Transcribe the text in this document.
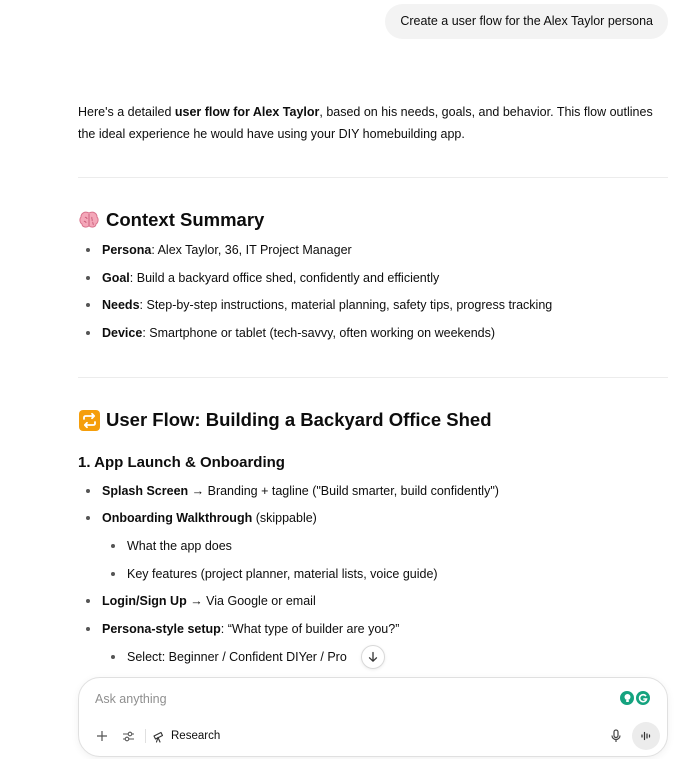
Create a user flow for the Alex Taylor persona

Here's a detailed user flow for Alex Taylor, based on his needs, goals, and behavior. This flow outlines the ideal experience he would have using your DIY homebuilding app.

Context Summary
Persona: Alex Taylor, 36, IT Project Manager
Goal: Build a backyard office shed, confidently and efficiently
Needs: Step-by-step instructions, material planning, safety tips, progress tracking
Device: Smartphone or tablet (tech-savvy, often working on weekends)
User Flow: Building a Backyard Office Shed
1. App Launch & Onboarding
Splash Screen → Branding + tagline ("Build smarter, build confidently")
Onboarding Walkthrough (skippable)
What the app does
Key features (project planner, material lists, voice guide)
Login/Sign Up → Via Google or email
Persona-style setup: “What type of builder are you?”
Select: Beginner / Confident DIYer / Pro
Ask anything
Research
